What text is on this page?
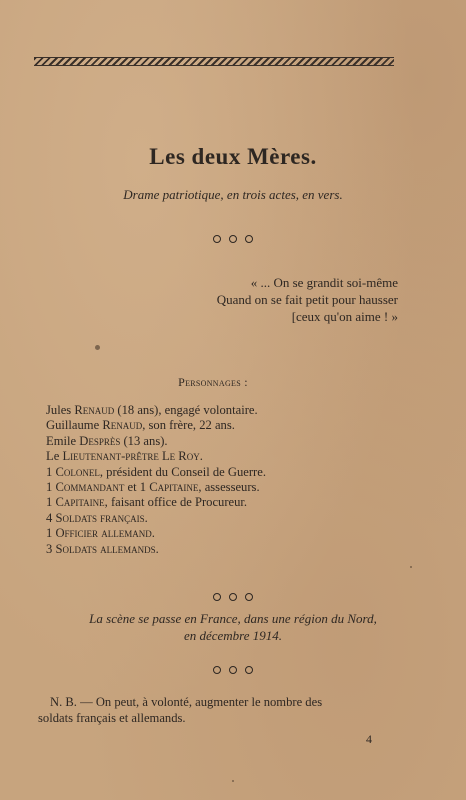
Les deux Mères.
Drame patriotique, en trois actes, en vers.
« ... On se grandit soi-même
Quand on se fait petit pour hausser
[ceux qu'on aime ! »
Personnages :
Jules Renaud (18 ans), engagé volontaire.
Guillaume Renaud, son frère, 22 ans.
Emile Desprès (13 ans).
Le Lieutenant-prêtre Le Roy.
1 Colonel, président du Conseil de Guerre.
1 Commandant et 1 Capitaine, assesseurs.
1 Capitaine, faisant office de Procureur.
4 Soldats français.
1 Officier allemand.
3 Soldats allemands.
La scène se passe en France, dans une région du Nord,
en décembre 1914.
N. B. — On peut, à volonté, augmenter le nombre des
soldats français et allemands.
4
